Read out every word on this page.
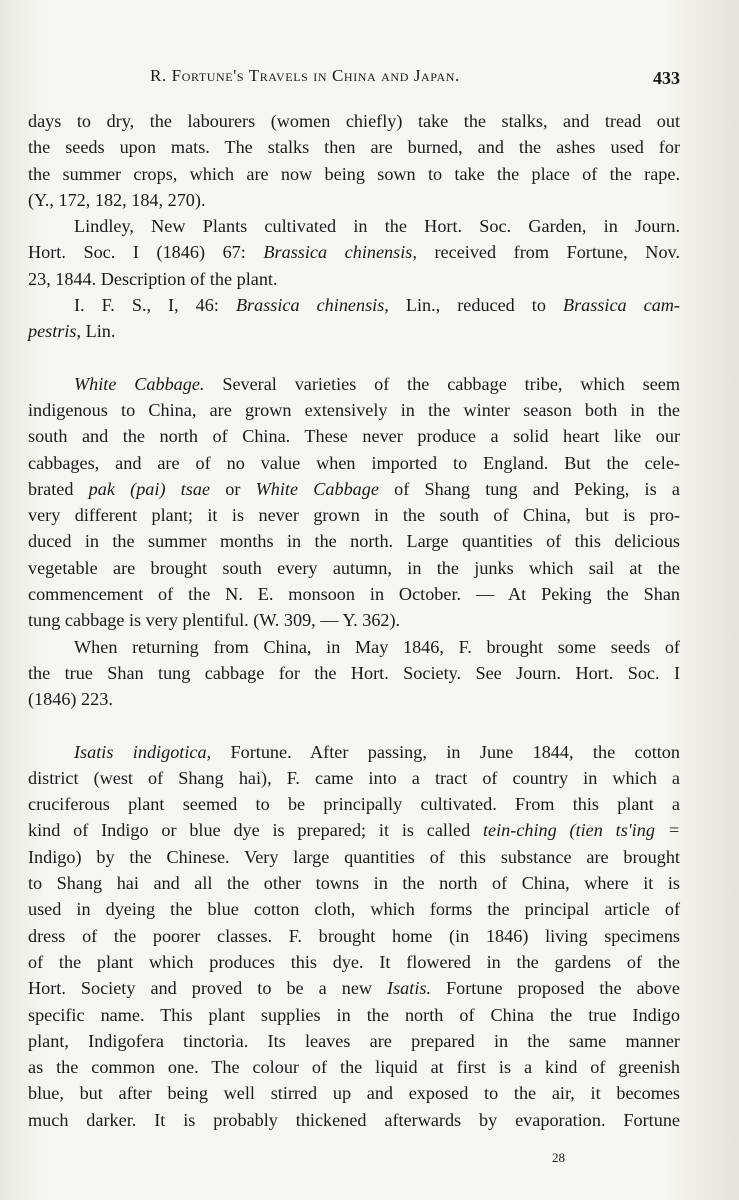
R. Fortune's Travels in China and Japan.	433
days to dry, the labourers (women chiefly) take the stalks, and tread out
the seeds upon mats. The stalks then are burned, and the ashes used for
the summer crops, which are now being sown to take the place of the rape.
(Y., 172, 182, 184, 270).
Lindley, New Plants cultivated in the Hort. Soc. Garden, in Journ.
Hort. Soc. I (1846) 67: Brassica chinensis, received from Fortune, Nov.
23, 1844. Description of the plant.
I. F. S., I, 46: Brassica chinensis, Lin., reduced to Brassica cam-
pestris, Lin.
White Cabbage. Several varieties of the cabbage tribe, which seem
indigenous to China, are grown extensively in the winter season both in the
south and the north of China. These never produce a solid heart like our
cabbages, and are of no value when imported to England. But the cele-
brated pak (pai) tsae or White Cabbage of Shang tung and Peking, is a
very different plant; it is never grown in the south of China, but is pro-
duced in the summer months in the north. Large quantities of this delicious
vegetable are brought south every autumn, in the junks which sail at the
commencement of the N. E. monsoon in October. — At Peking the Shan
tung cabbage is very plentiful. (W. 309, — Y. 362).
When returning from China, in May 1846, F. brought some seeds of
the true Shan tung cabbage for the Hort. Society. See Journ. Hort. Soc. I
(1846) 223.
Isatis indigotica, Fortune. After passing, in June 1844, the cotton
district (west of Shang hai), F. came into a tract of country in which a
cruciferous plant seemed to be principally cultivated. From this plant a
kind of Indigo or blue dye is prepared; it is called tein-ching (tien ts'ing =
Indigo) by the Chinese. Very large quantities of this substance are brought
to Shang hai and all the other towns in the north of China, where it is
used in dyeing the blue cotton cloth, which forms the principal article of
dress of the poorer classes. F. brought home (in 1846) living specimens
of the plant which produces this dye. It flowered in the gardens of the
Hort. Society and proved to be a new Isatis. Fortune proposed the above
specific name. This plant supplies in the north of China the true Indigo
plant, Indigofera tinctoria. Its leaves are prepared in the same manner
as the common one. The colour of the liquid at first is a kind of greenish
blue, but after being well stirred up and exposed to the air, it becomes
much darker. It is probably thickened afterwards by evaporation. Fortune
28
